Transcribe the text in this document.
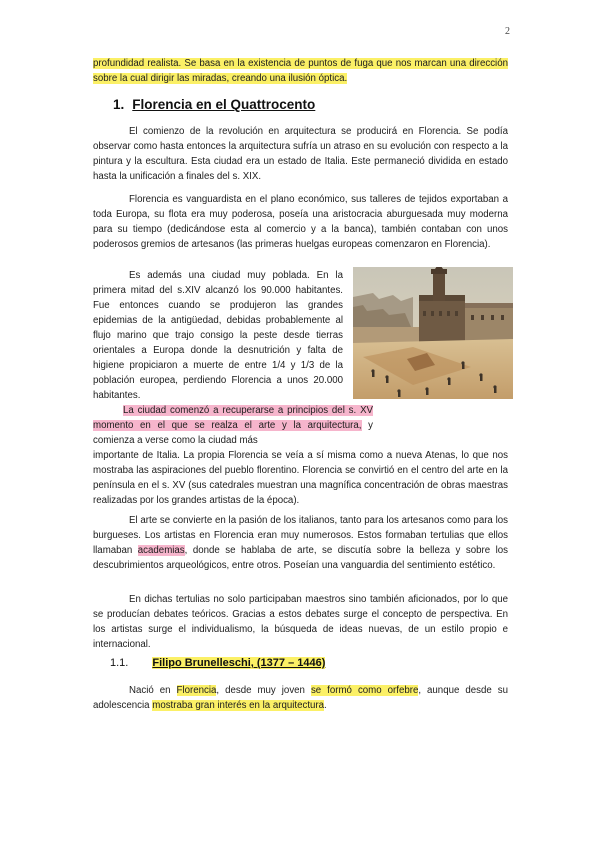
2
profundidad realista. Se basa en la existencia de puntos de fuga que nos marcan una dirección sobre la cual dirigir las miradas, creando una ilusión óptica.
1. Florencia en el Quattrocento
El comienzo de la revolución en arquitectura se producirá en Florencia. Se podía observar como hasta entonces la arquitectura sufría un atraso en su evolución con respecto a la pintura y la escultura. Esta ciudad era un estado de Italia. Este permaneció dividida en estado hasta la unificación a finales del s. XIX.
Florencia es vanguardista en el plano económico, sus talleres de tejidos exportaban a toda Europa, su flota era muy poderosa, poseía una aristocracia aburguesada muy moderna para su tiempo (dedicándose esta al comercio y a la banca), también contaban con unos poderosos gremios de artesanos (las primeras huelgas europeas comenzaron en Florencia).
Es además una ciudad muy poblada. En la primera mitad del s.XIV alcanzó los 90.000 habitantes. Fue entonces cuando se produjeron las grandes epidemias de la antigüedad, debidas probablemente al flujo marino que trajo consigo la peste desde tierras orientales a Europa donde la desnutrición y falta de higiene propiciaron a muerte de entre 1/4 y 1/3 de la población europea, perdiendo Florencia a unos 20.000 habitantes.
La ciudad comenzó a recuperarse a principios del s. XV momento en el que se realza el arte y la arquitectura, y comienza a verse como la ciudad más
importante de Italia. La propia Florencia se veía a sí misma como a nueva Atenas, lo que nos mostraba las aspiraciones del pueblo florentino. Florencia se convirtió en el centro del arte en la península en el s. XV (sus catedrales muestran una magnífica concentración de obras maestras realizadas por los grandes artistas de la época).
El arte se convierte en la pasión de los italianos, tanto para los artesanos como para los burgueses. Los artistas en Florencia eran muy numerosos. Estos formaban tertulias que ellos llamaban academias, donde se hablaba de arte, se discutía sobre la belleza y sobre los descubrimientos arqueológicos, entre otros. Poseían una vanguardia del sentimiento estético.
En dichas tertulias no solo participaban maestros sino también aficionados, por lo que se producían debates teóricos. Gracias a estos debates surge el concepto de perspectiva. En los artistas surge el individualismo, la búsqueda de ideas nuevas, de un estilo propio e internacional.
1.1. Filipo Brunelleschi, (1377 – 1446)
Nació en Florencia, desde muy joven se formó como orfebre, aunque desde su adolescencia mostraba gran interés en la arquitectura.
